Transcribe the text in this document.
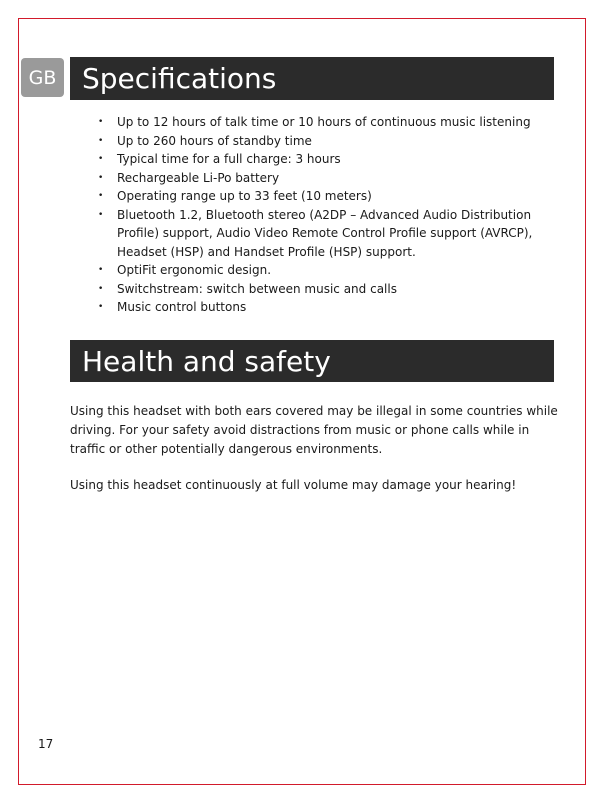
GB Specifications
• Up to 12 hours of talk time or 10 hours of continuous music listening
• Up to 260 hours of standby time
• Typical time for a full charge: 3 hours
• Rechargeable Li-Po battery
• Operating range up to 33 feet (10 meters)
• Bluetooth 1.2, Bluetooth stereo (A2DP – Advanced Audio Distribution Profile) support, Audio Video Remote Control Profile support (AVRCP), Headset (HSP) and Handset Profile (HSP) support.
• OptiFit ergonomic design.
• Switchstream: switch between music and calls
• Music control buttons
Health and safety

Using this headset with both ears covered may be illegal in some countries while driving. For your safety avoid distractions from music or phone calls while in traffic or other potentially dangerous environments.

Using this headset continuously at full volume may damage your hearing!

17
